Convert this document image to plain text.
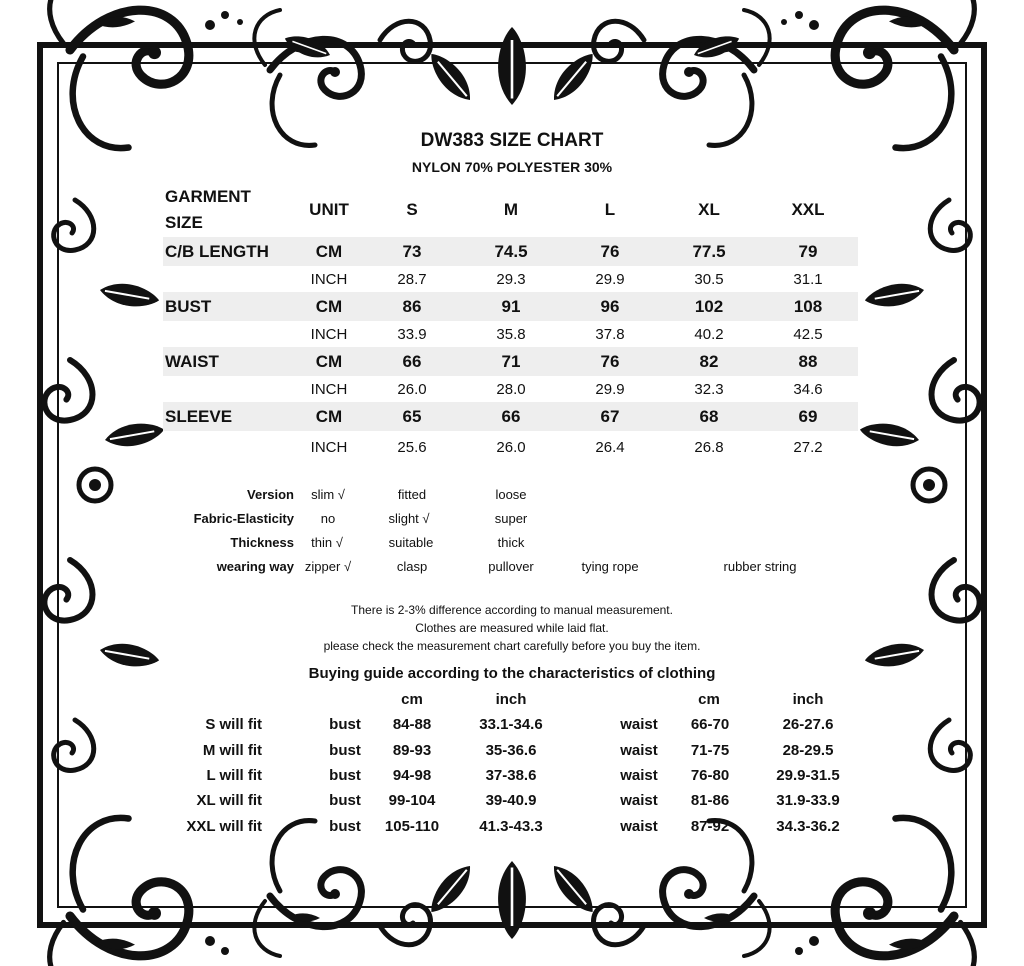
DW383 SIZE CHART
NYLON 70% POLYESTER 30%
GARMENT SIZE
UNIT	S	M	L	XL	XXL
C/B LENGTH	CM	73	74.5	76	77.5	79
INCH	28.7	29.3	29.9	30.5	31.1
BUST	CM	86	91	96	102	108
INCH	33.9	35.8	37.8	40.2	42.5
WAIST	CM	66	71	76	82	88
INCH	26.0	28.0	29.9	32.3	34.6
SLEEVE	CM	65	66	67	68	69
INCH	25.6	26.0	26.4	26.8	27.2
Version slim √	fitted	loose
Fabric-Elasticity no	slight √	super
Thickness thin √	suitable	thick
wearing way zipper √	clasp	pullover	tying rope	rubber string
There is 2-3% difference according to manual measurement.
Clothes are measured while laid flat.
please check the measurement chart carefully before you buy the item.
Buying guide according to the characteristics of clothing
cm	inch	cm	inch
S will fit	bust 84-88	33.1-34.6	waist 66-70	26-27.6
M will fit	bust 89-93	35-36.6	waist 71-75	28-29.5
L will fit	bust 94-98	37-38.6	waist 76-80	29.9-31.5
XL will fit	bust 99-104	39-40.9	waist 81-86	31.9-33.9
XXL will fit	bust 105-110	41.3-43.3	waist 87-92	34.3-36.2
